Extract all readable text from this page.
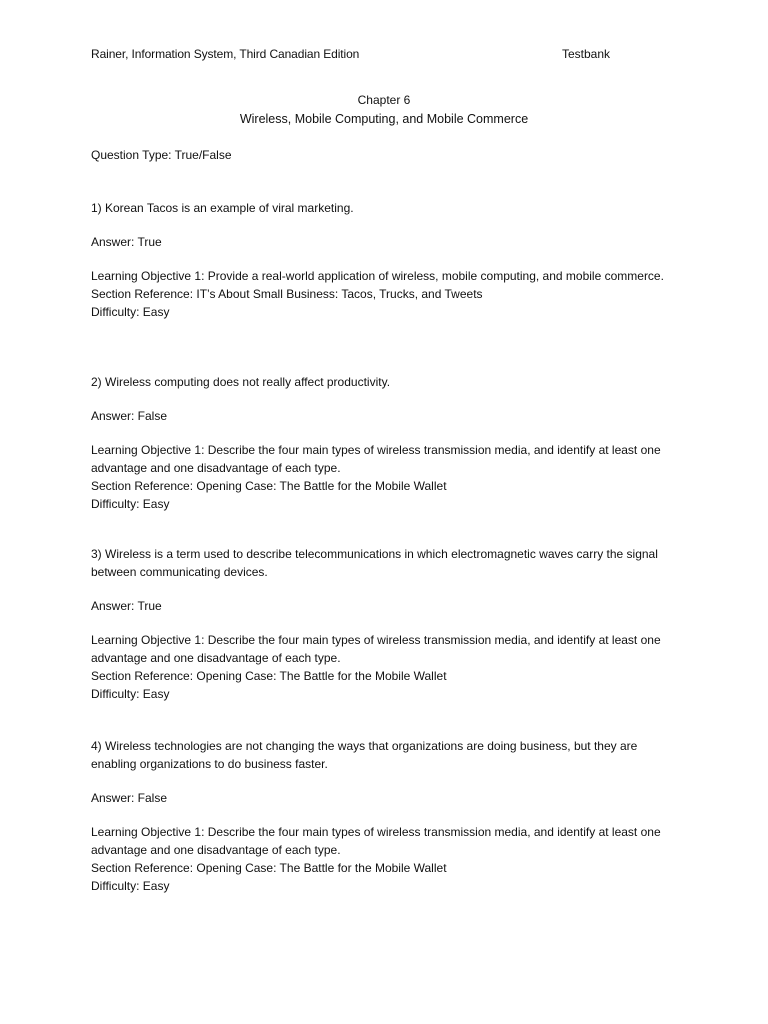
Rainer, Information System, Third Canadian Edition	Testbank
Chapter 6
Wireless, Mobile Computing, and Mobile Commerce
Question Type: True/False

1) Korean Tacos is an example of viral marketing.

Answer: True

Learning Objective 1: Provide a real-world application of wireless, mobile computing, and mobile commerce.

Section Reference: IT’s About Small Business: Tacos, Trucks, and Tweets

Difficulty: Easy

2) Wireless computing does not really affect productivity.

Answer: False

Learning Objective 1: Describe the four main types of wireless transmission media, and identify at least one advantage and one disadvantage of each type.

Section Reference: Opening Case: The Battle for the Mobile Wallet

Difficulty: Easy

3) Wireless is a term used to describe telecommunications in which electromagnetic waves carry the signal between communicating devices.

Answer: True

Learning Objective 1: Describe the four main types of wireless transmission media, and identify at least one advantage and one disadvantage of each type.

Section Reference: Opening Case: The Battle for the Mobile Wallet

Difficulty: Easy

4) Wireless technologies are not changing the ways that organizations are doing business, but they are enabling organizations to do business faster.

Answer: False

Learning Objective 1: Describe the four main types of wireless transmission media, and identify at least one advantage and one disadvantage of each type.

Section Reference: Opening Case: The Battle for the Mobile Wallet

Difficulty: Easy
